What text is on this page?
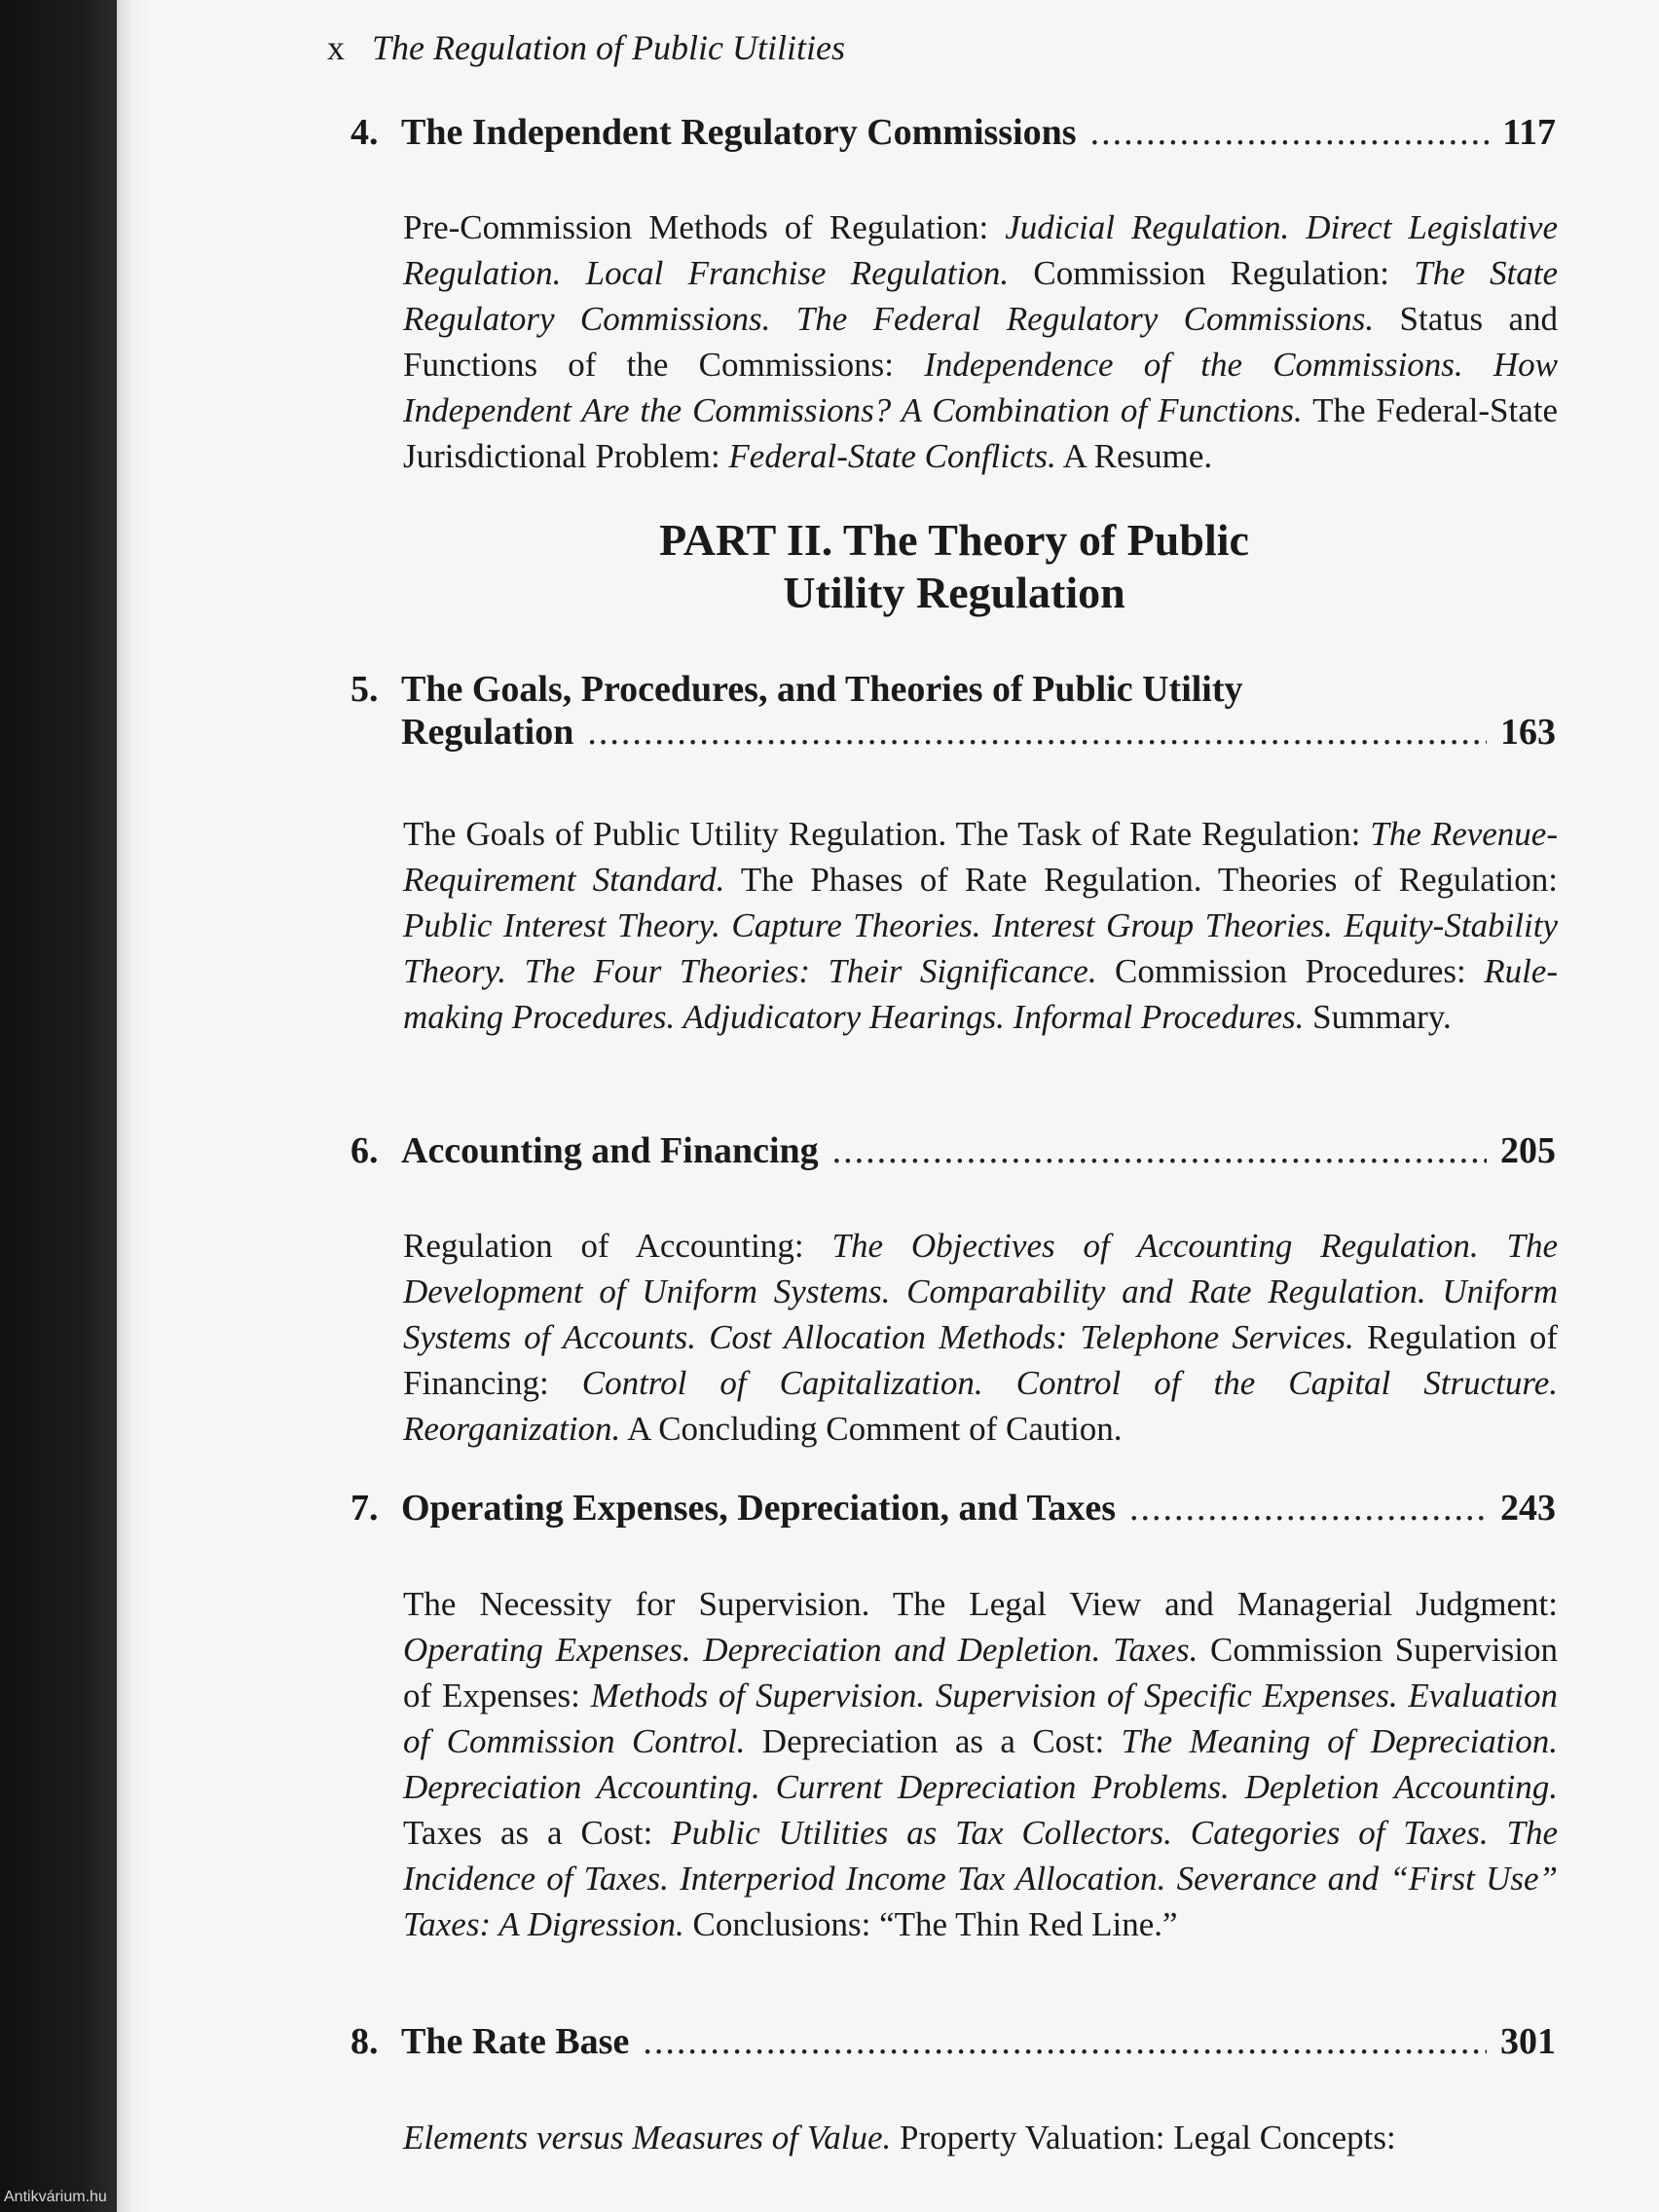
x The Regulation of Public Utilities
4. The Independent Regulatory Commissions .....	117
Pre-Commission Methods of Regulation: Judicial Regulation. Direct Legislative Regulation. Local Franchise Regulation. Commission Regulation: The State Regulatory Commissions. The Federal Regulatory Commissions. Status and Functions of the Commissions: Independence of the Commissions. How Independent Are the Commissions? A Combination of Functions. The Federal-State Jurisdictional Problem: Federal-State Conflicts. A Resume.
PART II. The Theory of Public
Utility Regulation
5. The Goals, Procedures, and Theories of Public Utility
Regulation .....	163
The Goals of Public Utility Regulation. The Task of Rate Regulation: The Revenue-Requirement Standard. The Phases of Rate Regulation. Theories of Regulation: Public Interest Theory. Capture Theories. Interest Group Theories. Equity-Stability Theory. The Four Theories: Their Significance. Commission Procedures: Rule-making Procedures. Adjudicatory Hearings. Informal Procedures. Summary.
6. Accounting and Financing .....	205
Regulation of Accounting: The Objectives of Accounting Regulation. The Development of Uniform Systems. Comparability and Rate Regulation. Uniform Systems of Accounts. Cost Allocation Methods: Telephone Services. Regulation of Financing: Control of Capitalization. Control of the Capital Structure. Reorganization. A Concluding Comment of Caution.
7. Operating Expenses, Depreciation, and Taxes .....	243
The Necessity for Supervision. The Legal View and Managerial Judgment: Operating Expenses. Depreciation and Depletion. Taxes. Commission Supervision of Expenses: Methods of Supervision. Supervision of Specific Expenses. Evaluation of Commission Control. Depreciation as a Cost: The Meaning of Depreciation. Depreciation Accounting. Current Depreciation Problems. Depletion Accounting. Taxes as a Cost: Public Utilities as Tax Collectors. Categories of Taxes. The Incidence of Taxes. Interperiod Income Tax Allocation. Severance and “First Use” Taxes: A Digression. Conclusions: “The Thin Red Line.”
8. The Rate Base .....	301
Elements versus Measures of Value. Property Valuation: Legal Concepts:
Antikvárium.hu
